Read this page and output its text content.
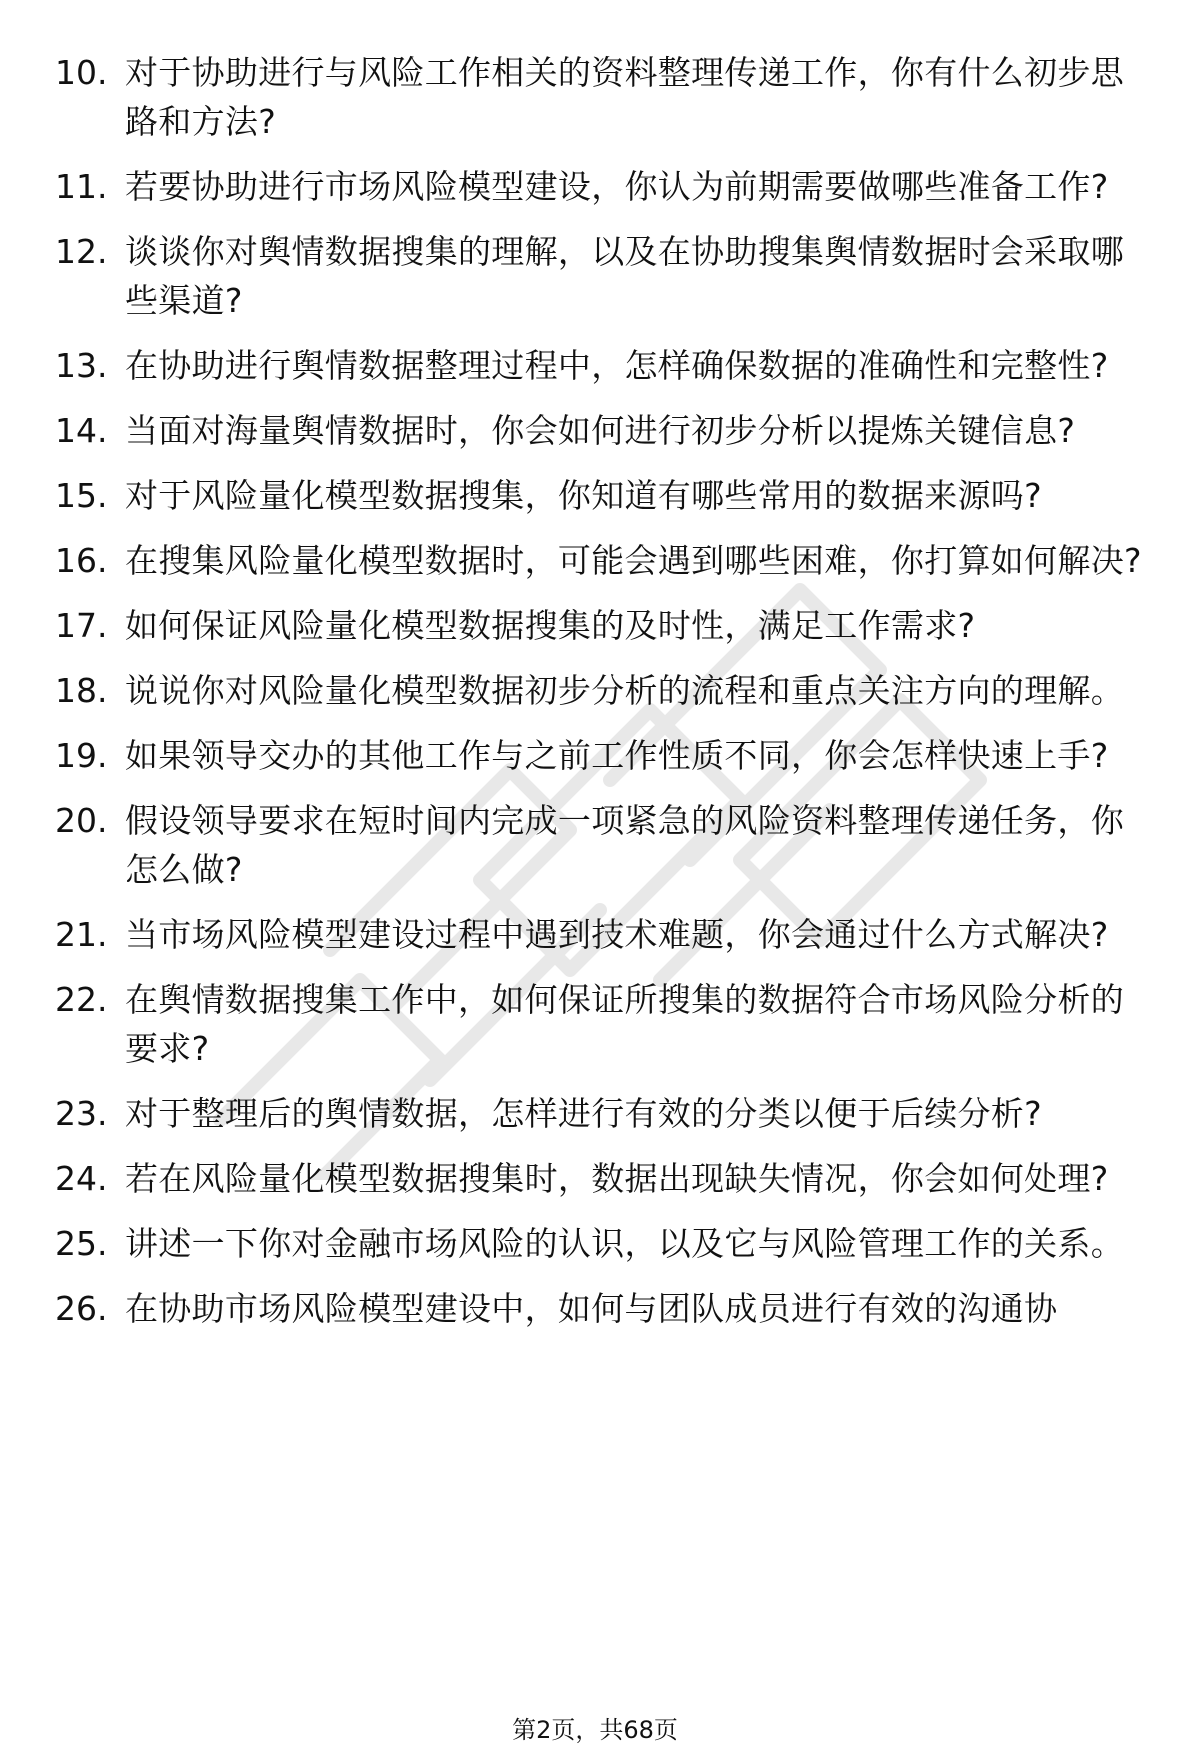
10. 对于协助进行与风险工作相关的资料整理传递工作，你有什么初步思路和方法?
11. 若要协助进行市场风险模型建设，你认为前期需要做哪些准备工作?
12. 谈谈你对舆情数据搜集的理解，以及在协助搜集舆情数据时会采取哪些渠道?
13. 在协助进行舆情数据整理过程中，怎样确保数据的准确性和完整性?
14. 当面对海量舆情数据时，你会如何进行初步分析以提炼关键信息?
15. 对于风险量化模型数据搜集，你知道有哪些常用的数据来源吗?
16. 在搜集风险量化模型数据时，可能会遇到哪些困难，你打算如何解决?
17. 如何保证风险量化模型数据搜集的及时性，满足工作需求?
18. 说说你对风险量化模型数据初步分析的流程和重点关注方向的理解。
19. 如果领导交办的其他工作与之前工作性质不同，你会怎样快速上手?
20. 假设领导要求在短时间内完成一项紧急的风险资料整理传递任务，你怎么做?
21. 当市场风险模型建设过程中遇到技术难题，你会通过什么方式解决?
22. 在舆情数据搜集工作中，如何保证所搜集的数据符合市场风险分析的要求?
23. 对于整理后的舆情数据，怎样进行有效的分类以便于后续分析?
24. 若在风险量化模型数据搜集时，数据出现缺失情况，你会如何处理?
25. 讲述一下你对金融市场风险的认识，以及它与风险管理工作的关系。
26. 在协助市场风险模型建设中，如何与团队成员进行有效的沟通协
第2页，共68页
